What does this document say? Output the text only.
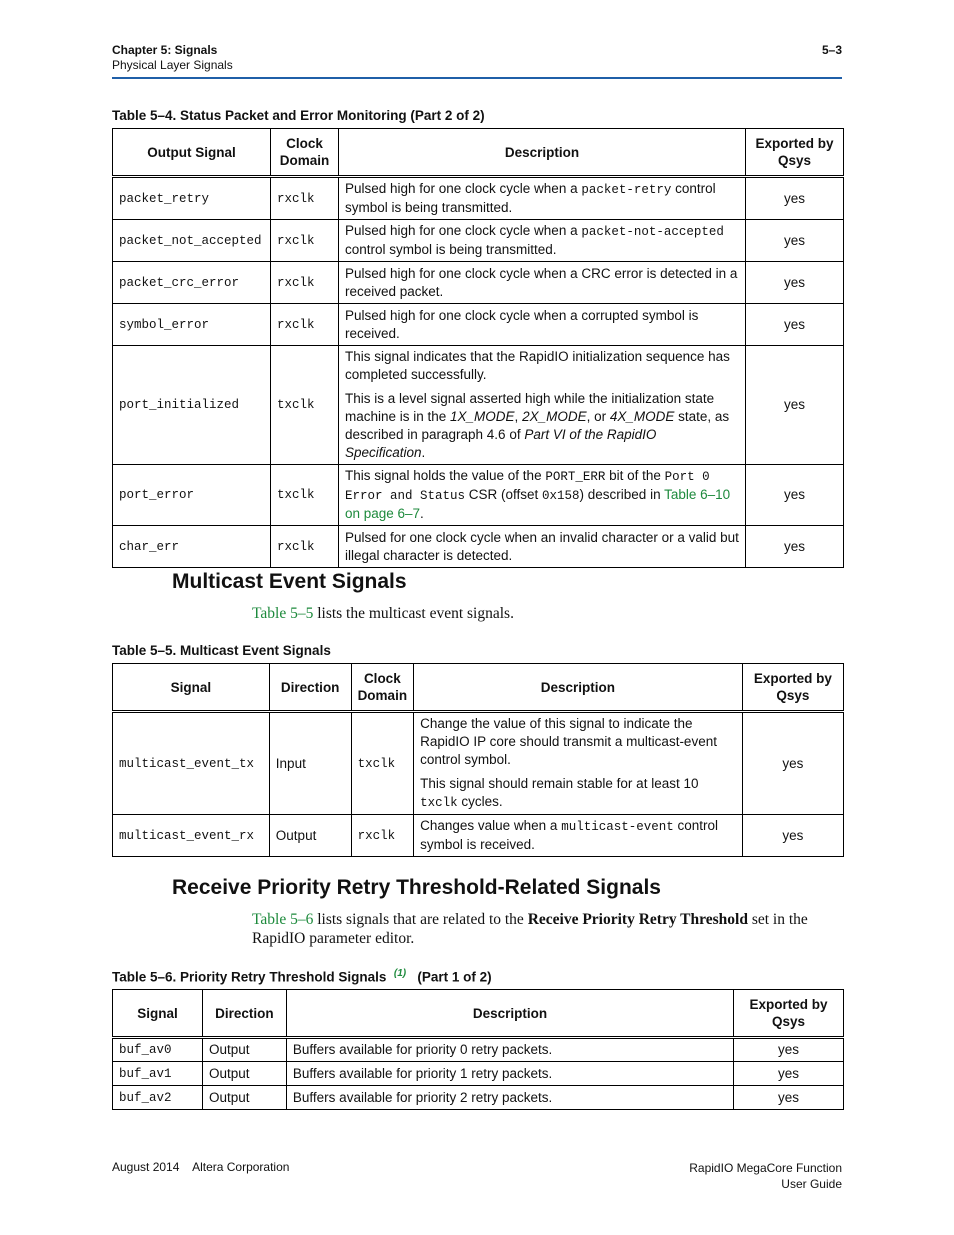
Chapter 5: Signals
Physical Layer Signals
5–3
Table 5–4. Status Packet and Error Monitoring (Part 2 of 2)
Output Signal	Clock Domain	Description	Exported by Qsys
packet_retry	rxclk	Pulsed high for one clock cycle when a packet-retry control symbol is being transmitted.	yes
packet_not_accepted	rxclk	Pulsed high for one clock cycle when a packet-not-accepted control symbol is being transmitted.	yes
packet_crc_error	rxclk	Pulsed high for one clock cycle when a CRC error is detected in a received packet.	yes
symbol_error	rxclk	Pulsed high for one clock cycle when a corrupted symbol is received.	yes
port_initialized	txclk	This signal indicates that the RapidIO initialization sequence has completed successfully.

This is a level signal asserted high while the initialization state machine is in the 1X_MODE, 2X_MODE, or 4X_MODE state, as described in paragraph 4.6 of Part VI of the RapidIO Specification.	yes
port_error	txclk	This signal holds the value of the PORT_ERR bit of the Port 0 Error and Status CSR (offset 0x158) described in Table 6–10 on page 6–7.	yes
char_err	rxclk	Pulsed for one clock cycle when an invalid character or a valid but illegal character is detected.	yes
Multicast Event Signals
Table 5–5 lists the multicast event signals.
Table 5–5. Multicast Event Signals
Signal	Direction	Clock Domain	Description	Exported by Qsys
multicast_event_tx	Input	txclk	Change the value of this signal to indicate the RapidIO IP core should transmit a multicast-event control symbol.

This signal should remain stable for at least 10 txclk cycles.	yes
multicast_event_rx	Output	rxclk	Changes value when a multicast-event control symbol is received.	yes
Receive Priority Retry Threshold-Related Signals
Table 5–6 lists signals that are related to the Receive Priority Retry Threshold set in the RapidIO parameter editor.
Table 5–6. Priority Retry Threshold Signals $^{(1)}$ (Part 1 of 2)
Signal	Direction	Description	Exported by Qsys
buf_av0	Output	Buffers available for priority 0 retry packets.	yes
buf_av1	Output	Buffers available for priority 1 retry packets.	yes
buf_av2	Output	Buffers available for priority 2 retry packets.	yes
August 2014    Altera Corporation	RapidIO MegaCore Function
User Guide
